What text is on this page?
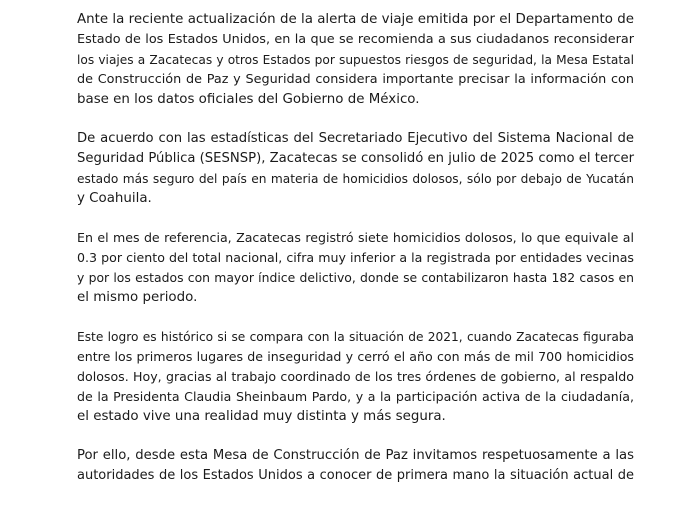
Ante la reciente actualización de la alerta de viaje emitida por el Departamento de
Estado de los Estados Unidos, en la que se recomienda a sus ciudadanos reconsiderar
los viajes a Zacatecas y otros Estados por supuestos riesgos de seguridad, la Mesa Estatal
de Construcción de Paz y Seguridad considera importante precisar la información con
base en los datos oficiales del Gobierno de México.

De acuerdo con las estadísticas del Secretariado Ejecutivo del Sistema Nacional de
Seguridad Pública (SESNSP), Zacatecas se consolidó en julio de 2025 como el tercer
estado más seguro del país en materia de homicidios dolosos, sólo por debajo de Yucatán
y Coahuila.

En el mes de referencia, Zacatecas registró siete homicidios dolosos, lo que equivale al
0.3 por ciento del total nacional, cifra muy inferior a la registrada por entidades vecinas
y por los estados con mayor índice delictivo, donde se contabilizaron hasta 182 casos en
el mismo periodo.

Este logro es histórico si se compara con la situación de 2021, cuando Zacatecas figuraba
entre los primeros lugares de inseguridad y cerró el año con más de mil 700 homicidios
dolosos. Hoy, gracias al trabajo coordinado de los tres órdenes de gobierno, al respaldo
de la Presidenta Claudia Sheinbaum Pardo, y a la participación activa de la ciudadanía,
el estado vive una realidad muy distinta y más segura.

Por ello, desde esta Mesa de Construcción de Paz invitamos respetuosamente a las
autoridades de los Estados Unidos a conocer de primera mano la situación actual de
